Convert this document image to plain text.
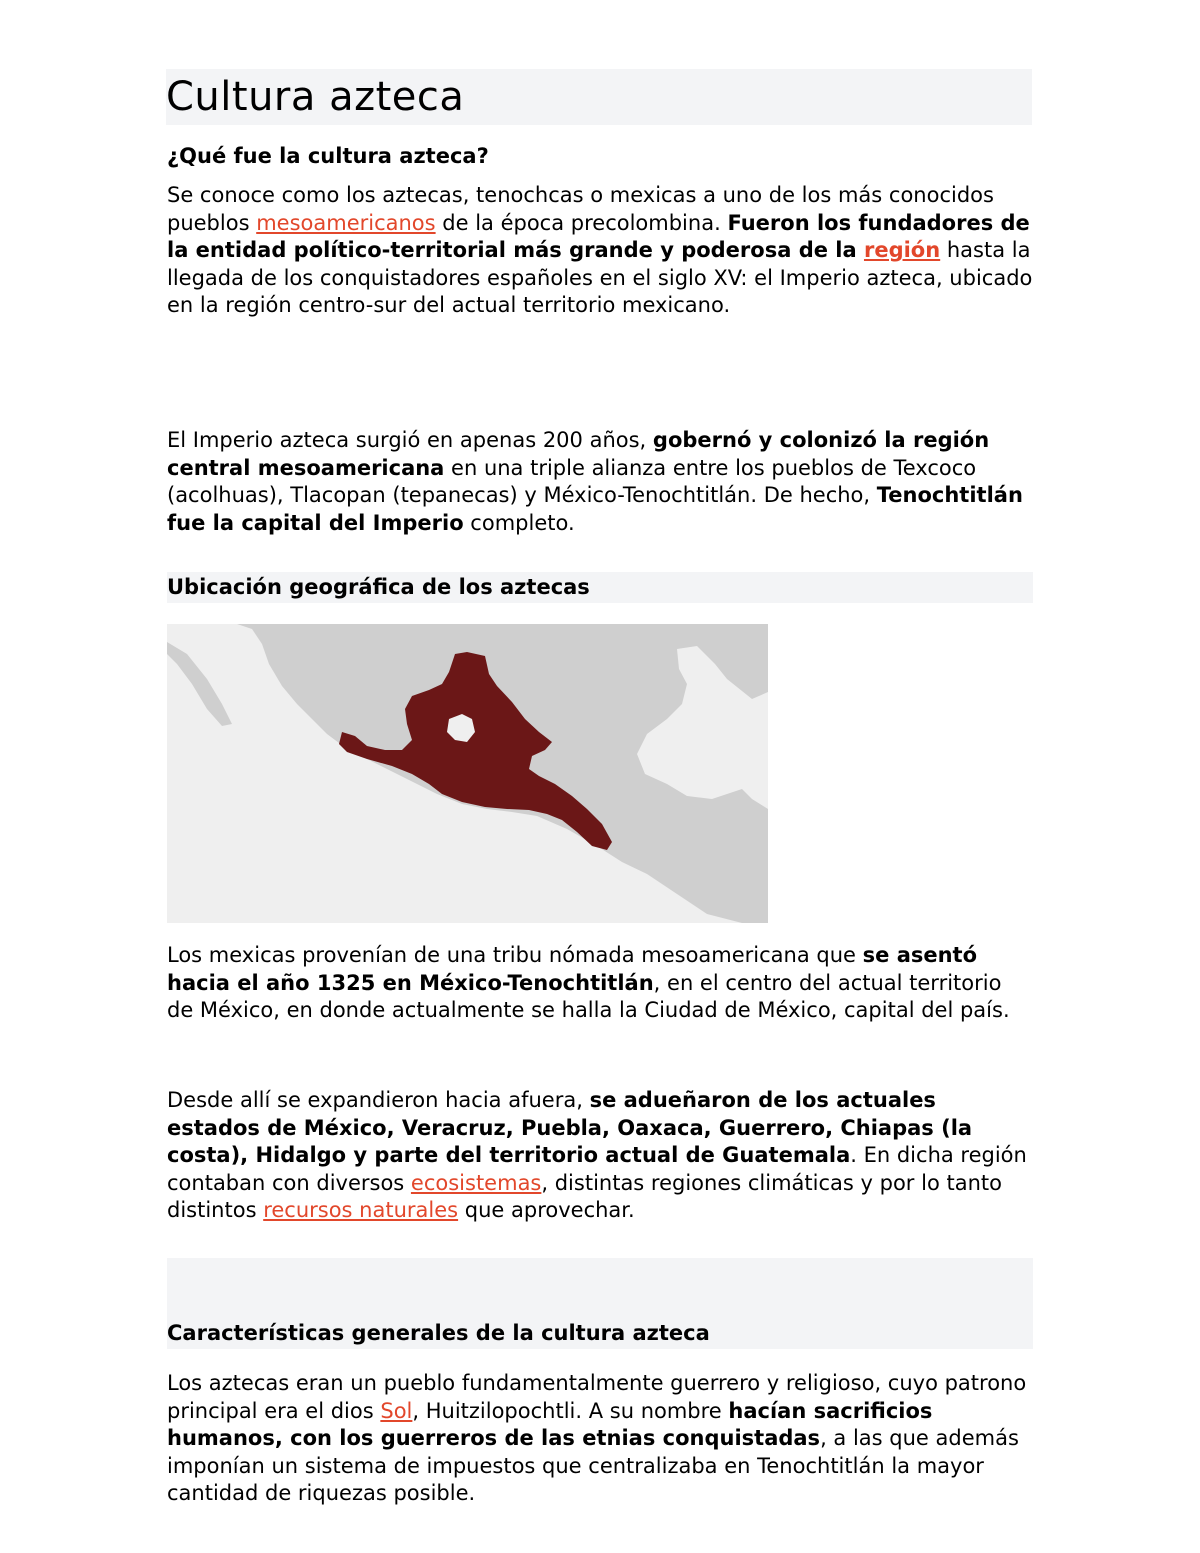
Cultura azteca
¿Qué fue la cultura azteca?

Se conoce como los aztecas, tenochcas o mexicas a uno de los más conocidos pueblos mesoamericanos de la época precolombina. Fueron los fundadores de la entidad político-territorial más grande y poderosa de la región hasta la llegada de los conquistadores españoles en el siglo XV: el Imperio azteca, ubicado en la región centro-sur del actual territorio mexicano.

El Imperio azteca surgió en apenas 200 años, gobernó y colonizó la región central mesoamericana en una triple alianza entre los pueblos de Texcoco (acolhuas), Tlacopan (tepanecas) y México-Tenochtitlán. De hecho, Tenochtitlán fue la capital del Imperio completo.

Ubicación geográfica de los aztecas

Los mexicas provenían de una tribu nómada mesoamericana que se asentó hacia el año 1325 en México-Tenochtitlán, en el centro del actual territorio de México, en donde actualmente se halla la Ciudad de México, capital del país.

Desde allí se expandieron hacia afuera, se adueñaron de los actuales estados de México, Veracruz, Puebla, Oaxaca, Guerrero, Chiapas (la costa), Hidalgo y parte del territorio actual de Guatemala. En dicha región contaban con diversos ecosistemas, distintas regiones climáticas y por lo tanto distintos recursos naturales que aprovechar.

Características generales de la cultura azteca

Los aztecas eran un pueblo fundamentalmente guerrero y religioso, cuyo patrono principal era el dios Sol, Huitzilopochtli. A su nombre hacían sacrificios humanos, con los guerreros de las etnias conquistadas, a las que además imponían un sistema de impuestos que centralizaba en Tenochtitlán la mayor cantidad de riquezas posible.
